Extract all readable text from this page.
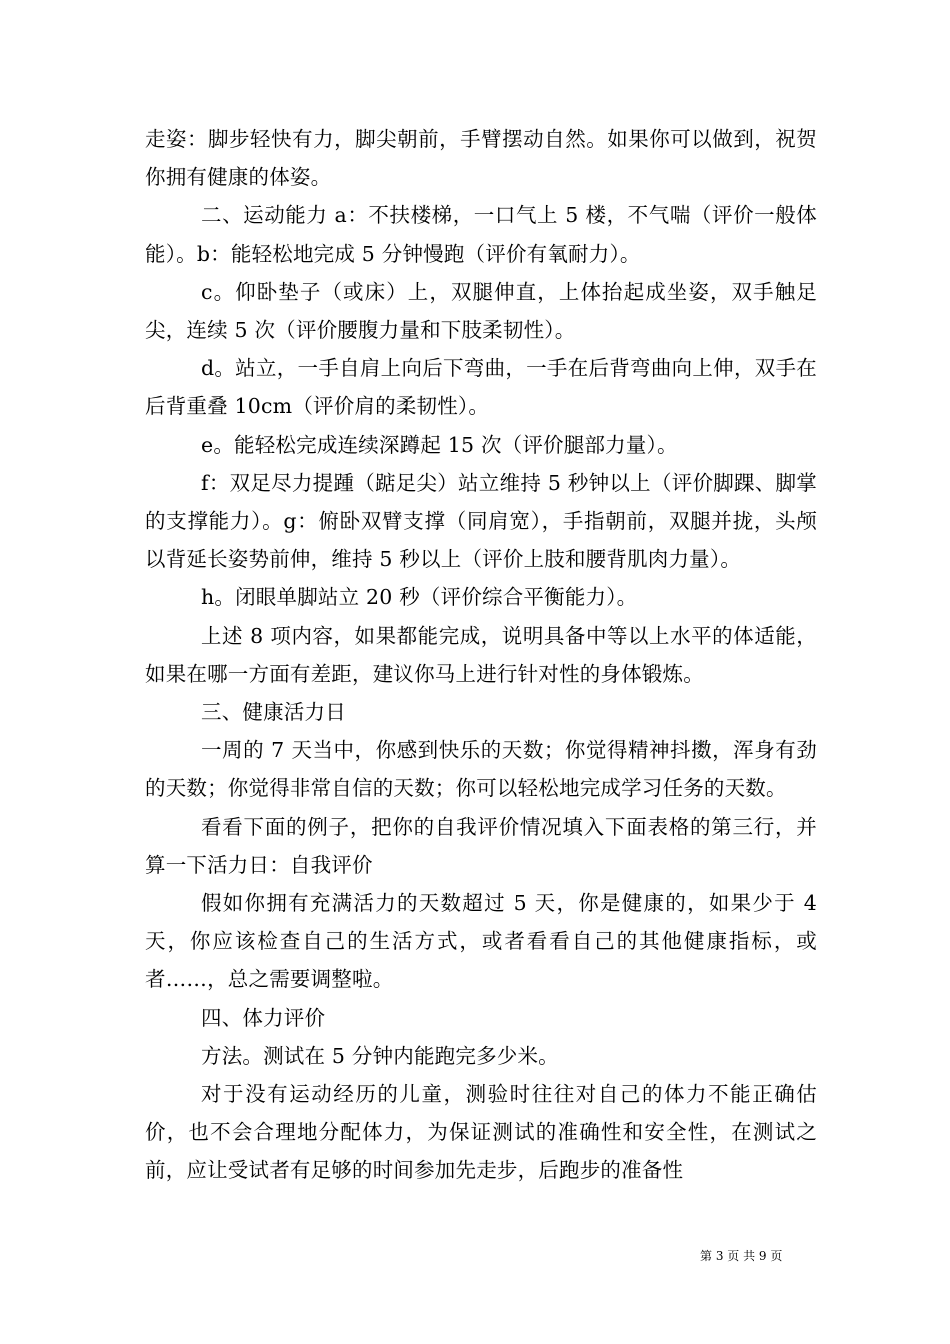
走姿：脚步轻快有力，脚尖朝前，手臂摆动自然。如果你可以做到，祝贺你拥有健康的体姿。

二、运动能力 a：不扶楼梯，一口气上 5 楼，不气喘（评价一般体能）。b：能轻松地完成 5 分钟慢跑（评价有氧耐力）。

c。仰卧垫子（或床）上，双腿伸直，上体抬起成坐姿，双手触足尖，连续 5 次（评价腰腹力量和下肢柔韧性）。

d。站立，一手自肩上向后下弯曲，一手在后背弯曲向上伸，双手在后背重叠 10cm（评价肩的柔韧性）。

e。能轻松完成连续深蹲起 15 次（评价腿部力量）。

f：双足尽力提踵（踮足尖）站立维持 5 秒钟以上（评价脚踝、脚掌的支撑能力）。g：俯卧双臂支撑（同肩宽），手指朝前，双腿并拢，头颅以背延长姿势前伸，维持 5 秒以上（评价上肢和腰背肌肉力量）。

h。闭眼单脚站立 20 秒（评价综合平衡能力）。

上述 8 项内容，如果都能完成，说明具备中等以上水平的体适能，如果在哪一方面有差距，建议你马上进行针对性的身体锻炼。

三、健康活力日

一周的 7 天当中，你感到快乐的天数；你觉得精神抖擞，浑身有劲的天数；你觉得非常自信的天数；你可以轻松地完成学习任务的天数。

看看下面的例子，把你的自我评价情况填入下面表格的第三行，并算一下活力日：自我评价

假如你拥有充满活力的天数超过 5 天，你是健康的，如果少于 4 天，你应该检查自己的生活方式，或者看看自己的其他健康指标，或者……，总之需要调整啦。

四、体力评价

方法。测试在 5 分钟内能跑完多少米。

对于没有运动经历的儿童，测验时往往对自己的体力不能正确估价，也不会合理地分配体力，为保证测试的准确性和安全性，在测试之前，应让受试者有足够的时间参加先走步，后跑步的准备性

第 3 页 共 9 页
